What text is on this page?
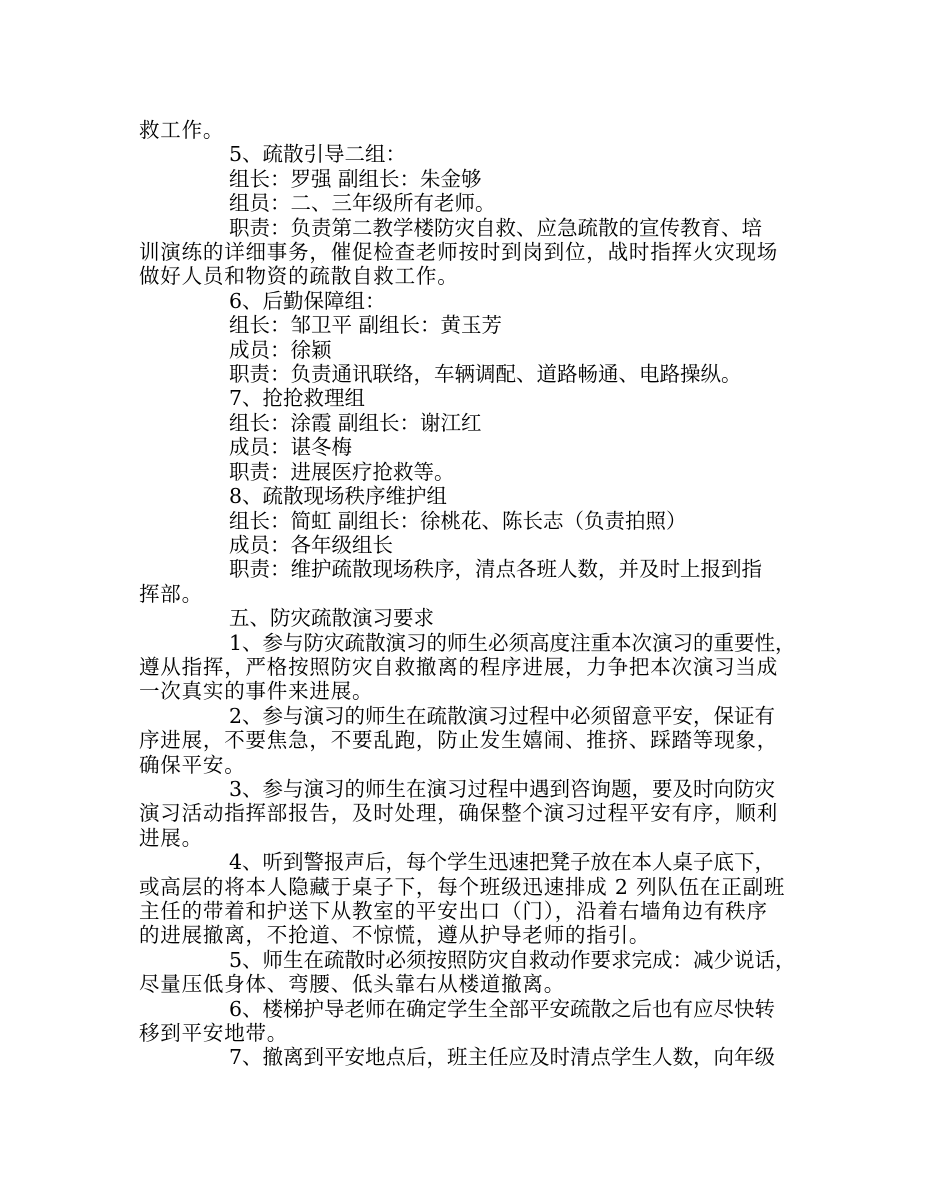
救工作。

5、疏散引导二组：

组长：罗强 副组长：朱金够

组员：二、三年级所有老师。

职责：负责第二教学楼防灾自救、应急疏散的宣传教育、培

训演练的详细事务，催促检查老师按时到岗到位，战时指挥火灾现场

做好人员和物资的疏散自救工作。

6、后勤保障组：

组长：邹卫平 副组长：黄玉芳

成员：徐颖

职责：负责通讯联络，车辆调配、道路畅通、电路操纵。

7、抢抢救理组

组长：涂霞 副组长：谢江红

成员：谌冬梅

职责：进展医疗抢救等。

8、疏散现场秩序维护组

组长：简虹 副组长：徐桃花、陈长志（负责拍照）

成员：各年级组长

职责：维护疏散现场秩序，清点各班人数，并及时上报到指

挥部。

五、防灾疏散演习要求

1、参与防灾疏散演习的师生必须高度注重本次演习的重要性，

遵从指挥，严格按照防灾自救撤离的程序进展，力争把本次演习当成

一次真实的事件来进展。

2、参与演习的师生在疏散演习过程中必须留意平安，保证有

序进展，不要焦急，不要乱跑，防止发生嬉闹、推挤、踩踏等现象，

确保平安。

3、参与演习的师生在演习过程中遇到咨询题，要及时向防灾

演习活动指挥部报告，及时处理，确保整个演习过程平安有序，顺利

进展。

4、听到警报声后，每个学生迅速把凳子放在本人桌子底下，

或高层的将本人隐藏于桌子下，每个班级迅速排成 2 列队伍在正副班

主任的带着和护送下从教室的平安出口（门），沿着右墙角边有秩序

的进展撤离，不抢道、不惊慌，遵从护导老师的指引。

5、师生在疏散时必须按照防灾自救动作要求完成：减少说话，

尽量压低身体、弯腰、低头靠右从楼道撤离。

6、楼梯护导老师在确定学生全部平安疏散之后也有应尽快转

移到平安地带。

7、撤离到平安地点后，班主任应及时清点学生人数，向年级
